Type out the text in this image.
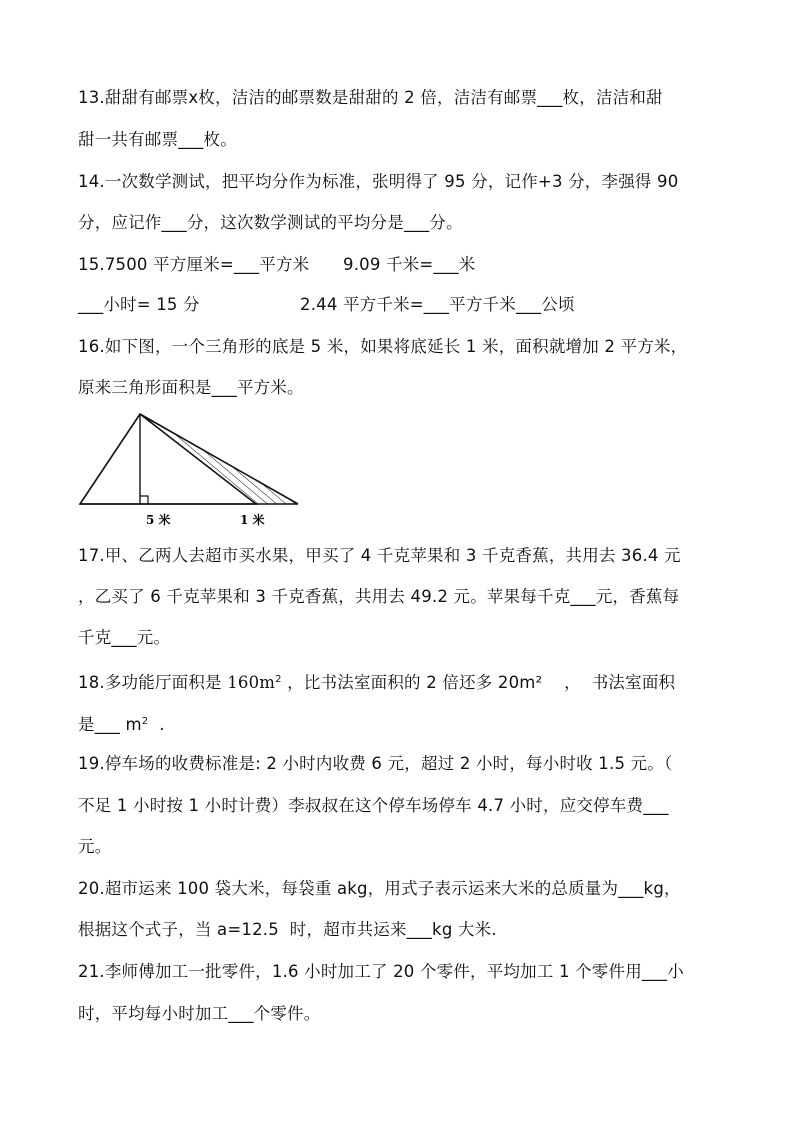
13.甜甜有邮票x枚，洁洁的邮票数是甜甜的 2 倍，洁洁有邮票___枚，洁洁和甜
甜一共有邮票___枚。
14.一次数学测试，把平均分作为标准，张明得了 95 分，记作+3 分，李强得 90
分，应记作___分，这次数学测试的平均分是___分。
15.7500 平方厘米=___平方米 9.09 千米=___米
___小时= 15 分	2.44 平方千米=___平方千米___公顷
16.如下图，一个三角形的底是 5 米，如果将底延长 1 米，面积就增加 2 平方米，
原来三角形面积是___平方米。
5 米	1 米
17.甲、乙两人去超市买水果，甲买了 4 千克苹果和 3 千克香蕉，共用去 36.4 元
，乙买了 6 千克苹果和 3 千克香蕉，共用去 49.2 元。苹果每千克___元，香蕉每
千克___元。
18.多功能厅面积是 $160m^2$ ，比书法室面积的 2 倍还多 20m²    ，  书法室面积
是___ $m^2$  .
19.停车场的收费标准是: 2 小时内收费 6 元，超过 2 小时，每小时收 1.5 元。（
不足 1 小时按 1 小时计费）李叔叔在这个停车场停车 4.7 小时，应交停车费___
元。
20.超市运来 100 袋大米，每袋重 akg，用式子表示运来大米的总质量为___kg，
根据这个式子，当 a=12.5  时，超市共运来___kg 大米.
21.李师傅加工一批零件，1.6 小时加工了 20 个零件，平均加工 1 个零件用___小
时，平均每小时加工___个零件。
